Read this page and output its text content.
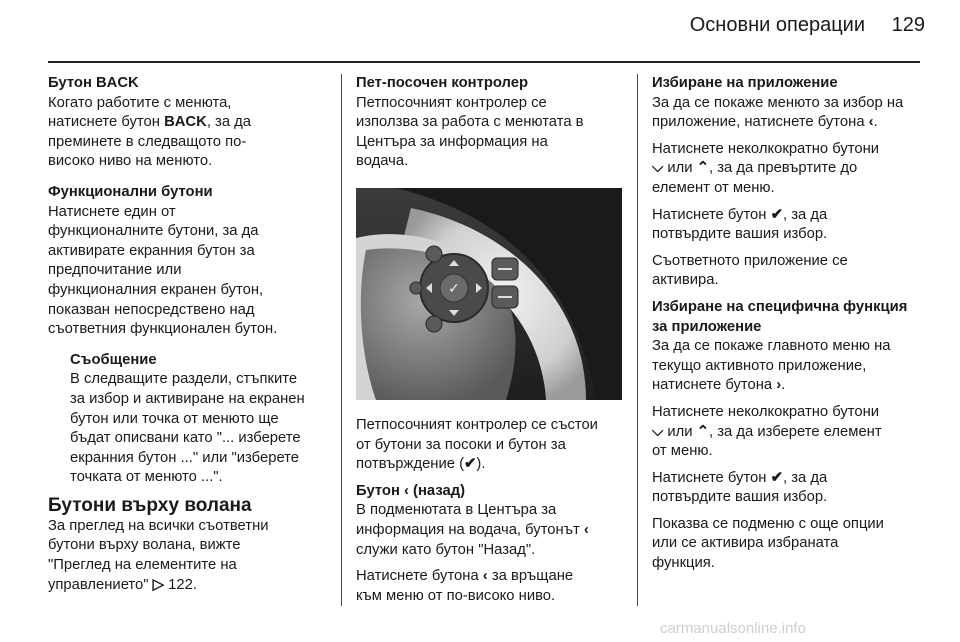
Основни операции	129

Бутон BACK

Когато работите с менюта,
натиснете бутон BACK, за да
преминете в следващото по-
високо ниво на менюто.

Функционални бутони

Натиснете един от
функционалните бутони, за да
активирате екранния бутон за
предпочитание или
функционалния екранен бутон,
показван непосредствено над
съответния функционален бутон.

Съобщение

В следващите раздели, стъпките
за избор и активиране на екранен
бутон или точка от менюто ще
бъдат описвани като "... изберете
екранния бутон ..." или "изберете
точката от менюто ...".

Бутони върху волана

За преглед на всички съответни
бутони върху волана, вижте
"Преглед на елементите на
управлението" ▷ 122.

Пет-посочен контролер

Петпосочният контролер се
използва за работа с менютата в
Центъра за информация на
водача.

✓

Петпосочният контролер се състои
от бутони за посоки и бутон за
потвърждение (✔).

Бутон ‹ (назад)

В подменютата в Центъра за
информация на водача, бутонът ‹
служи като бутон "Назад".

Натиснете бутона ‹ за връщане
към меню от по-високо ниво.

Избиране на приложение

За да се покаже менюто за избор на
приложение, натиснете бутона ‹.

Натиснете неколкократно бутони
⌵ или ⌃, за да превъртите до
елемент от меню.

Натиснете бутон ✔, за да
потвърдите вашия избор.

Съответното приложение се
активира.

Избиране на специфична функция
за приложение

За да се покаже главното меню на
текущо активното приложение,
натиснете бутона ›.

Натиснете неколкократно бутони
⌵ или ⌃, за да изберете елемент
от меню.

Натиснете бутон ✔, за да
потвърдите вашия избор.

Показва се подменю с още опции
или се активира избраната
функция.

carmanualsonline.info
